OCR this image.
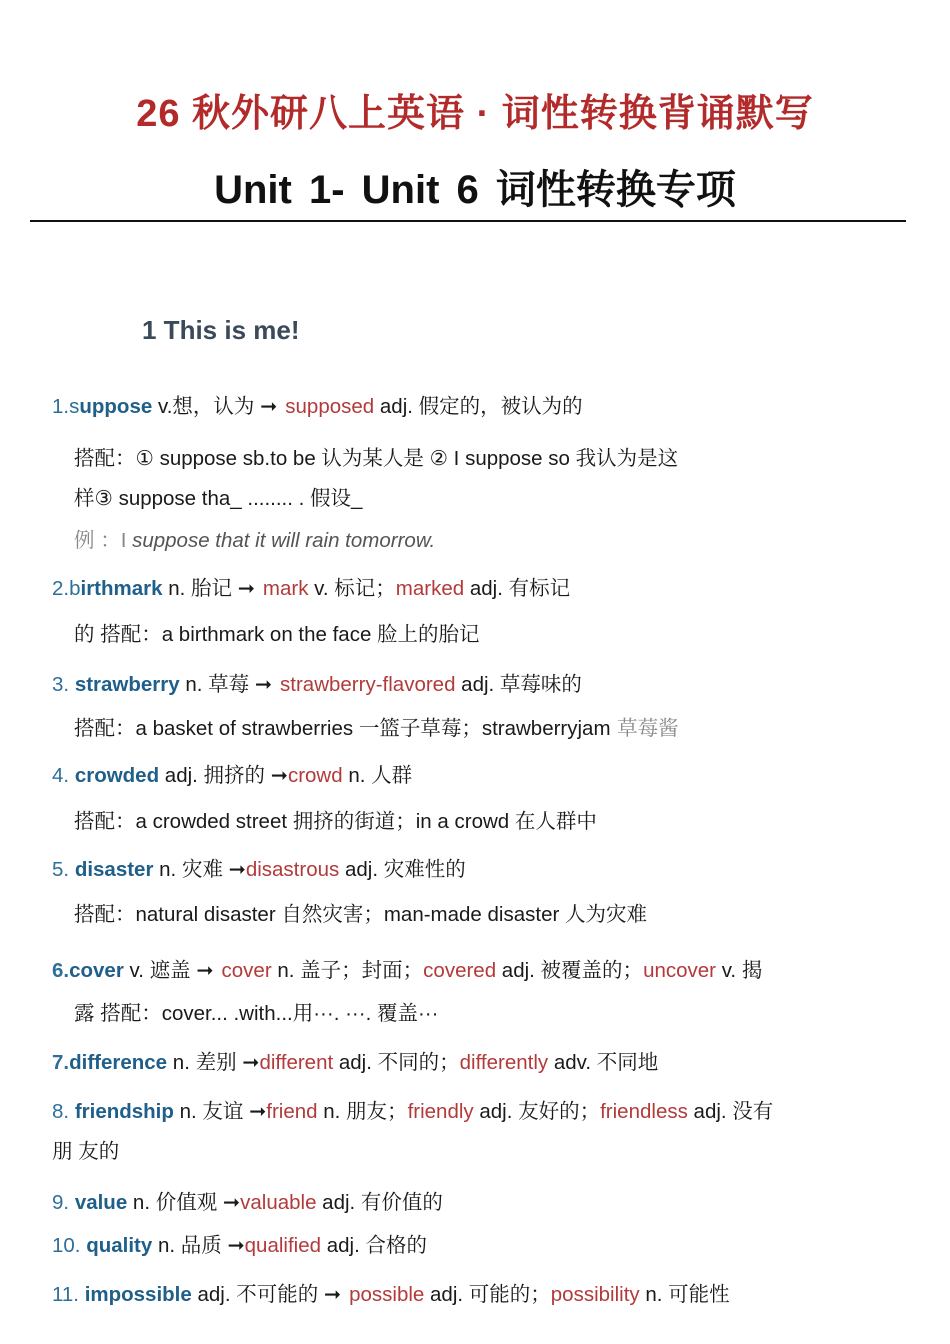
26 秋外研八上英语 · 词性转换背诵默写
Unit 1- Unit 6 词性转换专项
1 This is me!
1.suppose v.想，认为 ➞ supposed adj. 假定的，被认为的
搭配：① suppose sb.to be 认为某人是 ② I suppose so 我认为是这
样③ suppose tha_ ........ . 假设_
例 ：I suppose that it will rain tomorrow.
2.birthmark n. 胎记 ➞ mark v. 标记；marked adj. 有标记
的 搭配：a birthmark on the face 脸上的胎记
3. strawberry n. 草莓 ➞ strawberry-flavored adj. 草莓味的
搭配：a basket of strawberries 一篮子草莓；strawberryjam 草莓酱
4. crowded adj. 拥挤的 ➞crowd n. 人群
搭配：a crowded street 拥挤的街道；in a crowd 在人群中
5. disaster n. 灾难 ➞disastrous adj. 灾难性的
搭配：natural disaster 自然灾害；man-made disaster 人为灾难
6.cover v. 遮盖 ➞ cover n. 盖子；封面；covered adj. 被覆盖的；uncover v. 揭
露 搭配：cover... .with...用···. ···. 覆盖···
7.difference n. 差别 ➞different adj. 不同的；differently adv. 不同地
8. friendship n. 友谊 ➞friend n. 朋友；friendly adj. 友好的；friendless adj. 没有
朋 友的
9. value n. 价值观 ➞valuable adj. 有价值的
10. quality n. 品质 ➞qualified adj. 合格的
11. impossible adj. 不可能的 ➞ possible adj. 可能的；possibility n. 可能性
